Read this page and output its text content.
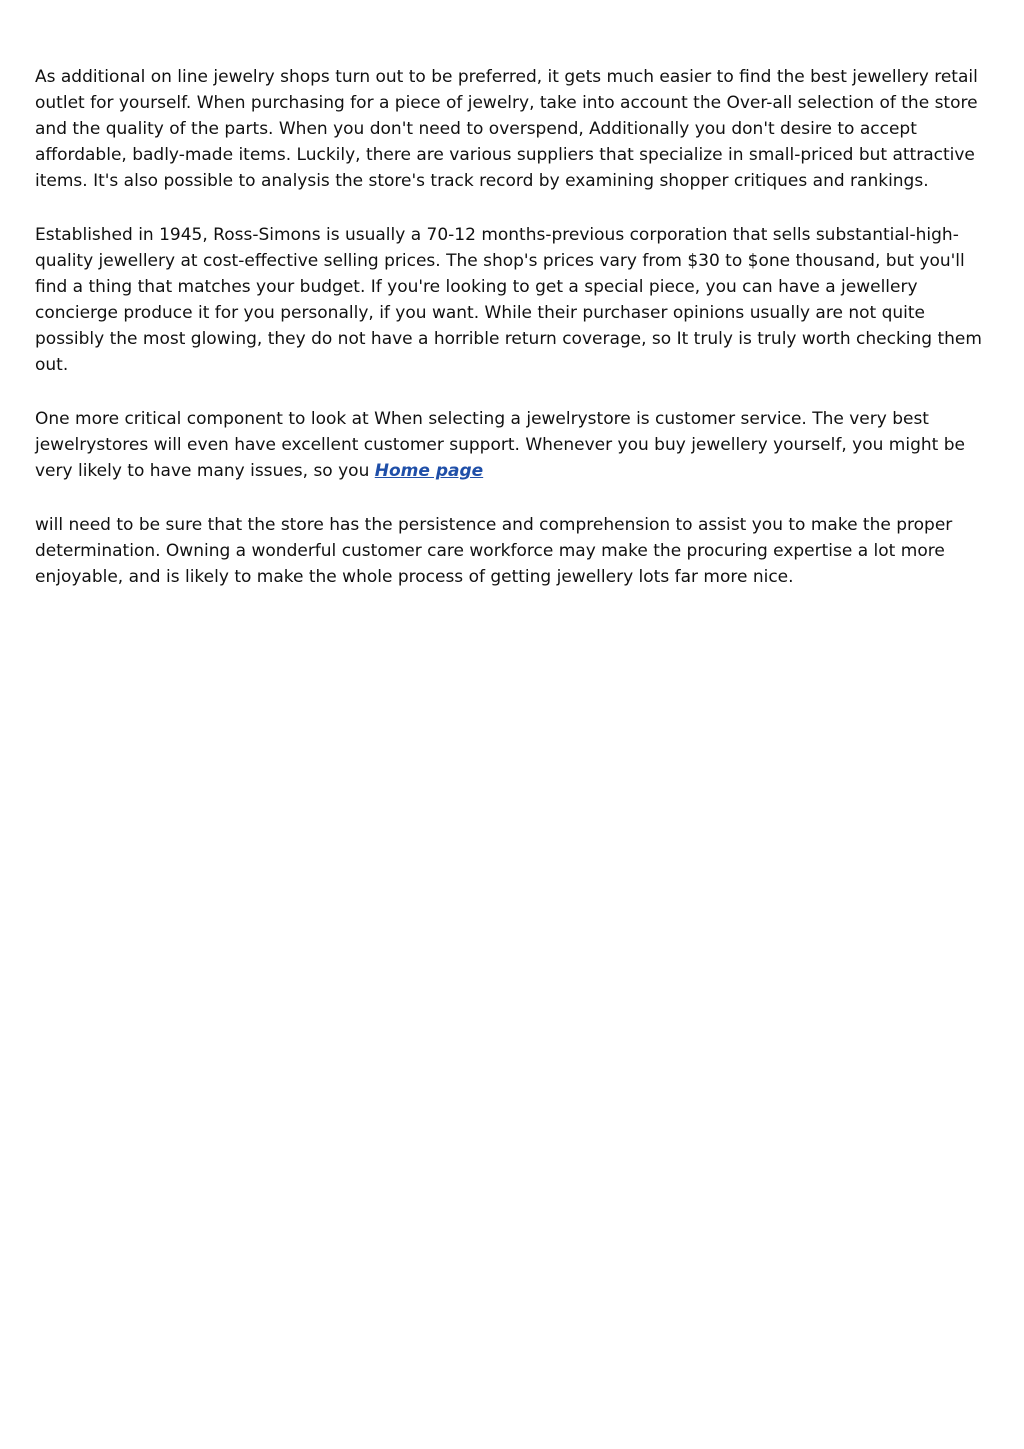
As additional on line jewelry shops turn out to be preferred, it gets much easier to find the best jewellery retail outlet for yourself. When purchasing for a piece of jewelry, take into account the Over-all selection of the store and the quality of the parts. When you don't need to overspend, Additionally you don't desire to accept affordable, badly-made items. Luckily, there are various suppliers that specialize in small-priced but attractive items. It's also possible to analysis the store's track record by examining shopper critiques and rankings.

Established in 1945, Ross-Simons is usually a 70-12 months-previous corporation that sells substantial-high-quality jewellery at cost-effective selling prices. The shop's prices vary from $30 to $one thousand, but you'll find a thing that matches your budget. If you're looking to get a special piece, you can have a jewellery concierge produce it for you personally, if you want. While their purchaser opinions usually are not quite possibly the most glowing, they do not have a horrible return coverage, so It truly is truly worth checking them out.

One more critical component to look at When selecting a jewelrystore is customer service. The very best jewelrystores will even have excellent customer support. Whenever you buy jewellery yourself, you might be very likely to have many issues, so you Home page

will need to be sure that the store has the persistence and comprehension to assist you to make the proper determination. Owning a wonderful customer care workforce may make the procuring expertise a lot more enjoyable, and is likely to make the whole process of getting jewellery lots far more nice.
